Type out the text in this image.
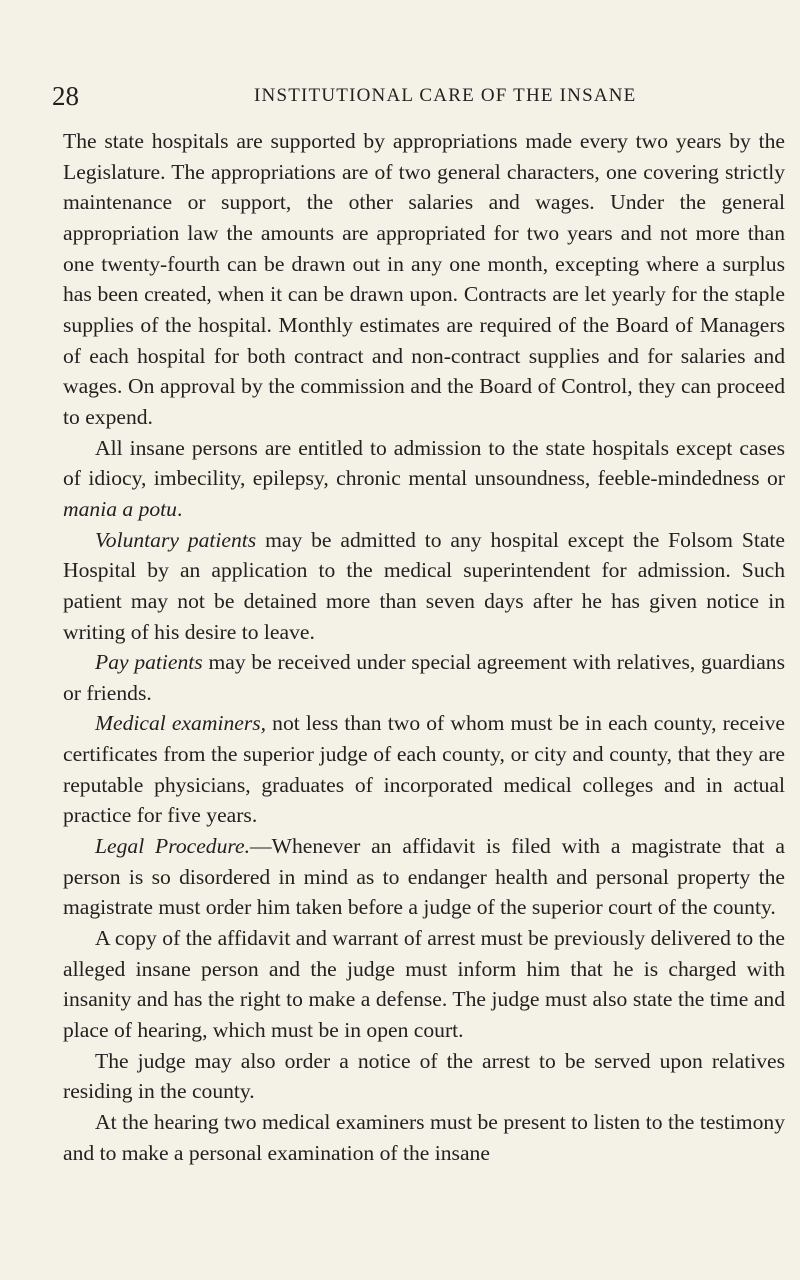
28	INSTITUTIONAL CARE OF THE INSANE

The state hospitals are supported by appropriations made every two years by the Legislature. The appropriations are of two general characters, one covering strictly maintenance or support, the other salaries and wages. Under the general appropriation law the amounts are appropriated for two years and not more than one twenty-fourth can be drawn out in any one month, excepting where a surplus has been created, when it can be drawn upon. Contracts are let yearly for the staple supplies of the hospital. Monthly estimates are required of the Board of Managers of each hospital for both contract and non-contract supplies and for salaries and wages. On approval by the commission and the Board of Control, they can proceed to expend.

All insane persons are entitled to admission to the state hospitals except cases of idiocy, imbecility, epilepsy, chronic mental unsoundness, feeble-mindedness or mania a potu.

Voluntary patients may be admitted to any hospital except the Folsom State Hospital by an application to the medical superintendent for admission. Such patient may not be detained more than seven days after he has given notice in writing of his desire to leave.

Pay patients may be received under special agreement with relatives, guardians or friends.

Medical examiners, not less than two of whom must be in each county, receive certificates from the superior judge of each county, or city and county, that they are reputable physicians, graduates of incorporated medical colleges and in actual practice for five years.

Legal Procedure.—Whenever an affidavit is filed with a magistrate that a person is so disordered in mind as to endanger health and personal property the magistrate must order him taken before a judge of the superior court of the county.

A copy of the affidavit and warrant of arrest must be previously delivered to the alleged insane person and the judge must inform him that he is charged with insanity and has the right to make a defense. The judge must also state the time and place of hearing, which must be in open court.

The judge may also order a notice of the arrest to be served upon relatives residing in the county.

At the hearing two medical examiners must be present to listen to the testimony and to make a personal examination of the insane
